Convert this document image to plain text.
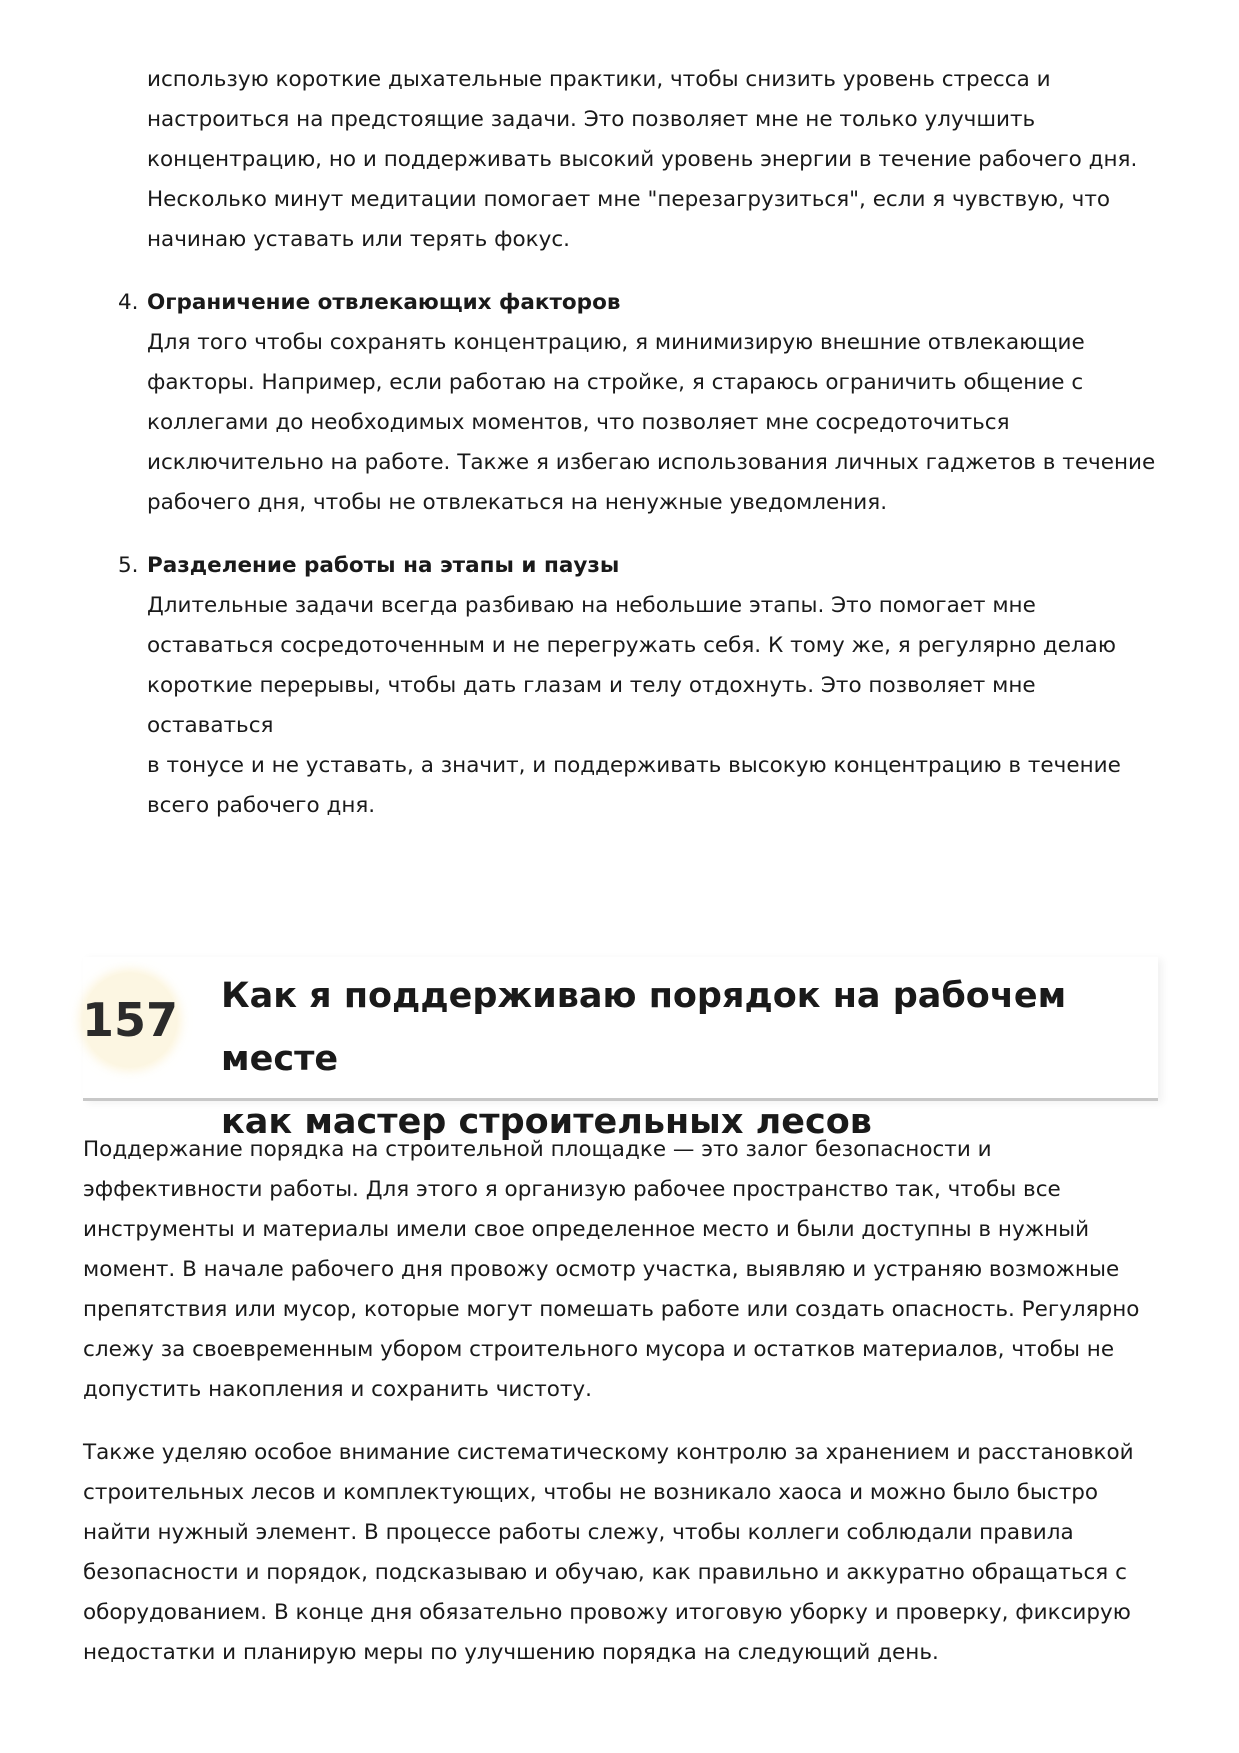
использую короткие дыхательные практики, чтобы снизить уровень стресса и
настроиться на предстоящие задачи. Это позволяет мне не только улучшить
концентрацию, но и поддерживать высокий уровень энергии в течение рабочего дня.
Несколько минут медитации помогает мне "перезагрузиться", если я чувствую, что
начинаю уставать или терять фокус.

4. Ограничение отвлекающих факторов

Для того чтобы сохранять концентрацию, я минимизирую внешние отвлекающие
факторы. Например, если работаю на стройке, я стараюсь ограничить общение с
коллегами до необходимых моментов, что позволяет мне сосредоточиться
исключительно на работе. Также я избегаю использования личных гаджетов в течение
рабочего дня, чтобы не отвлекаться на ненужные уведомления.

5. Разделение работы на этапы и паузы

Длительные задачи всегда разбиваю на небольшие этапы. Это помогает мне
оставаться сосредоточенным и не перегружать себя. К тому же, я регулярно делаю
короткие перерывы, чтобы дать глазам и телу отдохнуть. Это позволяет мне оставаться
в тонусе и не уставать, а значит, и поддерживать высокую концентрацию в течение
всего рабочего дня.

157 Как я поддерживаю порядок на рабочем месте
как мастер строительных лесов

Поддержание порядка на строительной площадке — это залог безопасности и
эффективности работы. Для этого я организую рабочее пространство так, чтобы все
инструменты и материалы имели свое определенное место и были доступны в нужный
момент. В начале рабочего дня провожу осмотр участка, выявляю и устраняю возможные
препятствия или мусор, которые могут помешать работе или создать опасность. Регулярно
слежу за своевременным убором строительного мусора и остатков материалов, чтобы не
допустить накопления и сохранить чистоту.

Также уделяю особое внимание систематическому контролю за хранением и расстановкой
строительных лесов и комплектующих, чтобы не возникало хаоса и можно было быстро
найти нужный элемент. В процессе работы слежу, чтобы коллеги соблюдали правила
безопасности и порядок, подсказываю и обучаю, как правильно и аккуратно обращаться с
оборудованием. В конце дня обязательно провожу итоговую уборку и проверку, фиксирую
недостатки и планирую меры по улучшению порядка на следующий день.
